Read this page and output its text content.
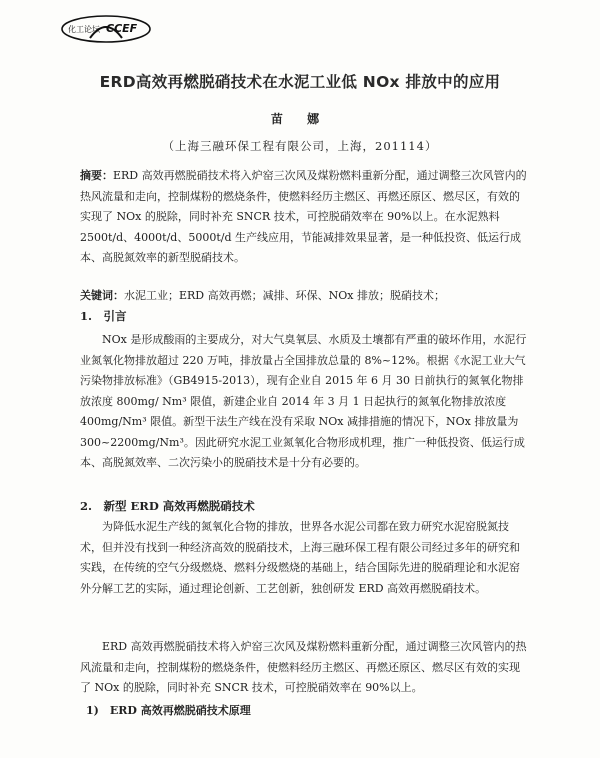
化工论坛 CCEF
ERD高效再燃脱硝技术在水泥工业低 NOx 排放中的应用
苗 娜
（上海三融环保工程有限公司，上海，201114）
摘要：ERD 高效再燃脱硝技术将入炉窑三次风及煤粉燃料重新分配，通过调整三次风管内的热风流量和走向，控制煤粉的燃烧条件，使燃料经历主燃区、再燃还原区、燃尽区，有效的实现了 NOx 的脱除，同时补充 SNCR 技术，可控脱硝效率在 90%以上。在水泥熟料 2500t/d、4000t/d、5000t/d 生产线应用，节能减排效果显著，是一种低投资、低运行成本、高脱氮效率的新型脱硝技术。
关键词：水泥工业；ERD 高效再燃；减排、环保、NOx 排放；脱硝技术；
1.　引言
NOx 是形成酸雨的主要成分，对大气臭氧层、水质及土壤都有严重的破坏作用，水泥行业氮氧化物排放超过 220 万吨，排放量占全国排放总量的 8%~12%。根据《水泥工业大气污染物排放标准》（GB4915-2013），现有企业自 2015 年 6 月 30 日前执行的氮氧化物排放浓度 800mg/ Nm³ 限值，新建企业自 2014 年 3 月 1 日起执行的氮氧化物排放浓度 400mg/Nm³ 限值。新型干法生产线在没有采取 NOx 减排措施的情况下，NOx 排放量为 300~2200mg/Nm³。因此研究水泥工业氮氧化合物形成机理，推广一种低投资、低运行成本、高脱氮效率、二次污染小的脱硝技术是十分有必要的。
2.　新型 ERD 高效再燃脱硝技术
为降低水泥生产线的氮氧化合物的排放，世界各水泥公司都在致力研究水泥窑脱氮技术，但并没有找到一种经济高效的脱硝技术，上海三融环保工程有限公司经过多年的研究和实践，在传统的空气分级燃烧、燃料分级燃烧的基础上，结合国际先进的脱硝理论和水泥窑外分解工艺的实际，通过理论创新、工艺创新，独创研发 ERD 高效再燃脱硝技术。
ERD 高效再燃脱硝技术将入炉窑三次风及煤粉燃料重新分配，通过调整三次风管内的热风流量和走向，控制煤粉的燃烧条件，使燃料经历主燃区、再燃还原区、燃尽区有效的实现了 NOx 的脱除，同时补充 SNCR 技术，可控脱硝效率在 90%以上。
1)　ERD 高效再燃脱硝技术原理
